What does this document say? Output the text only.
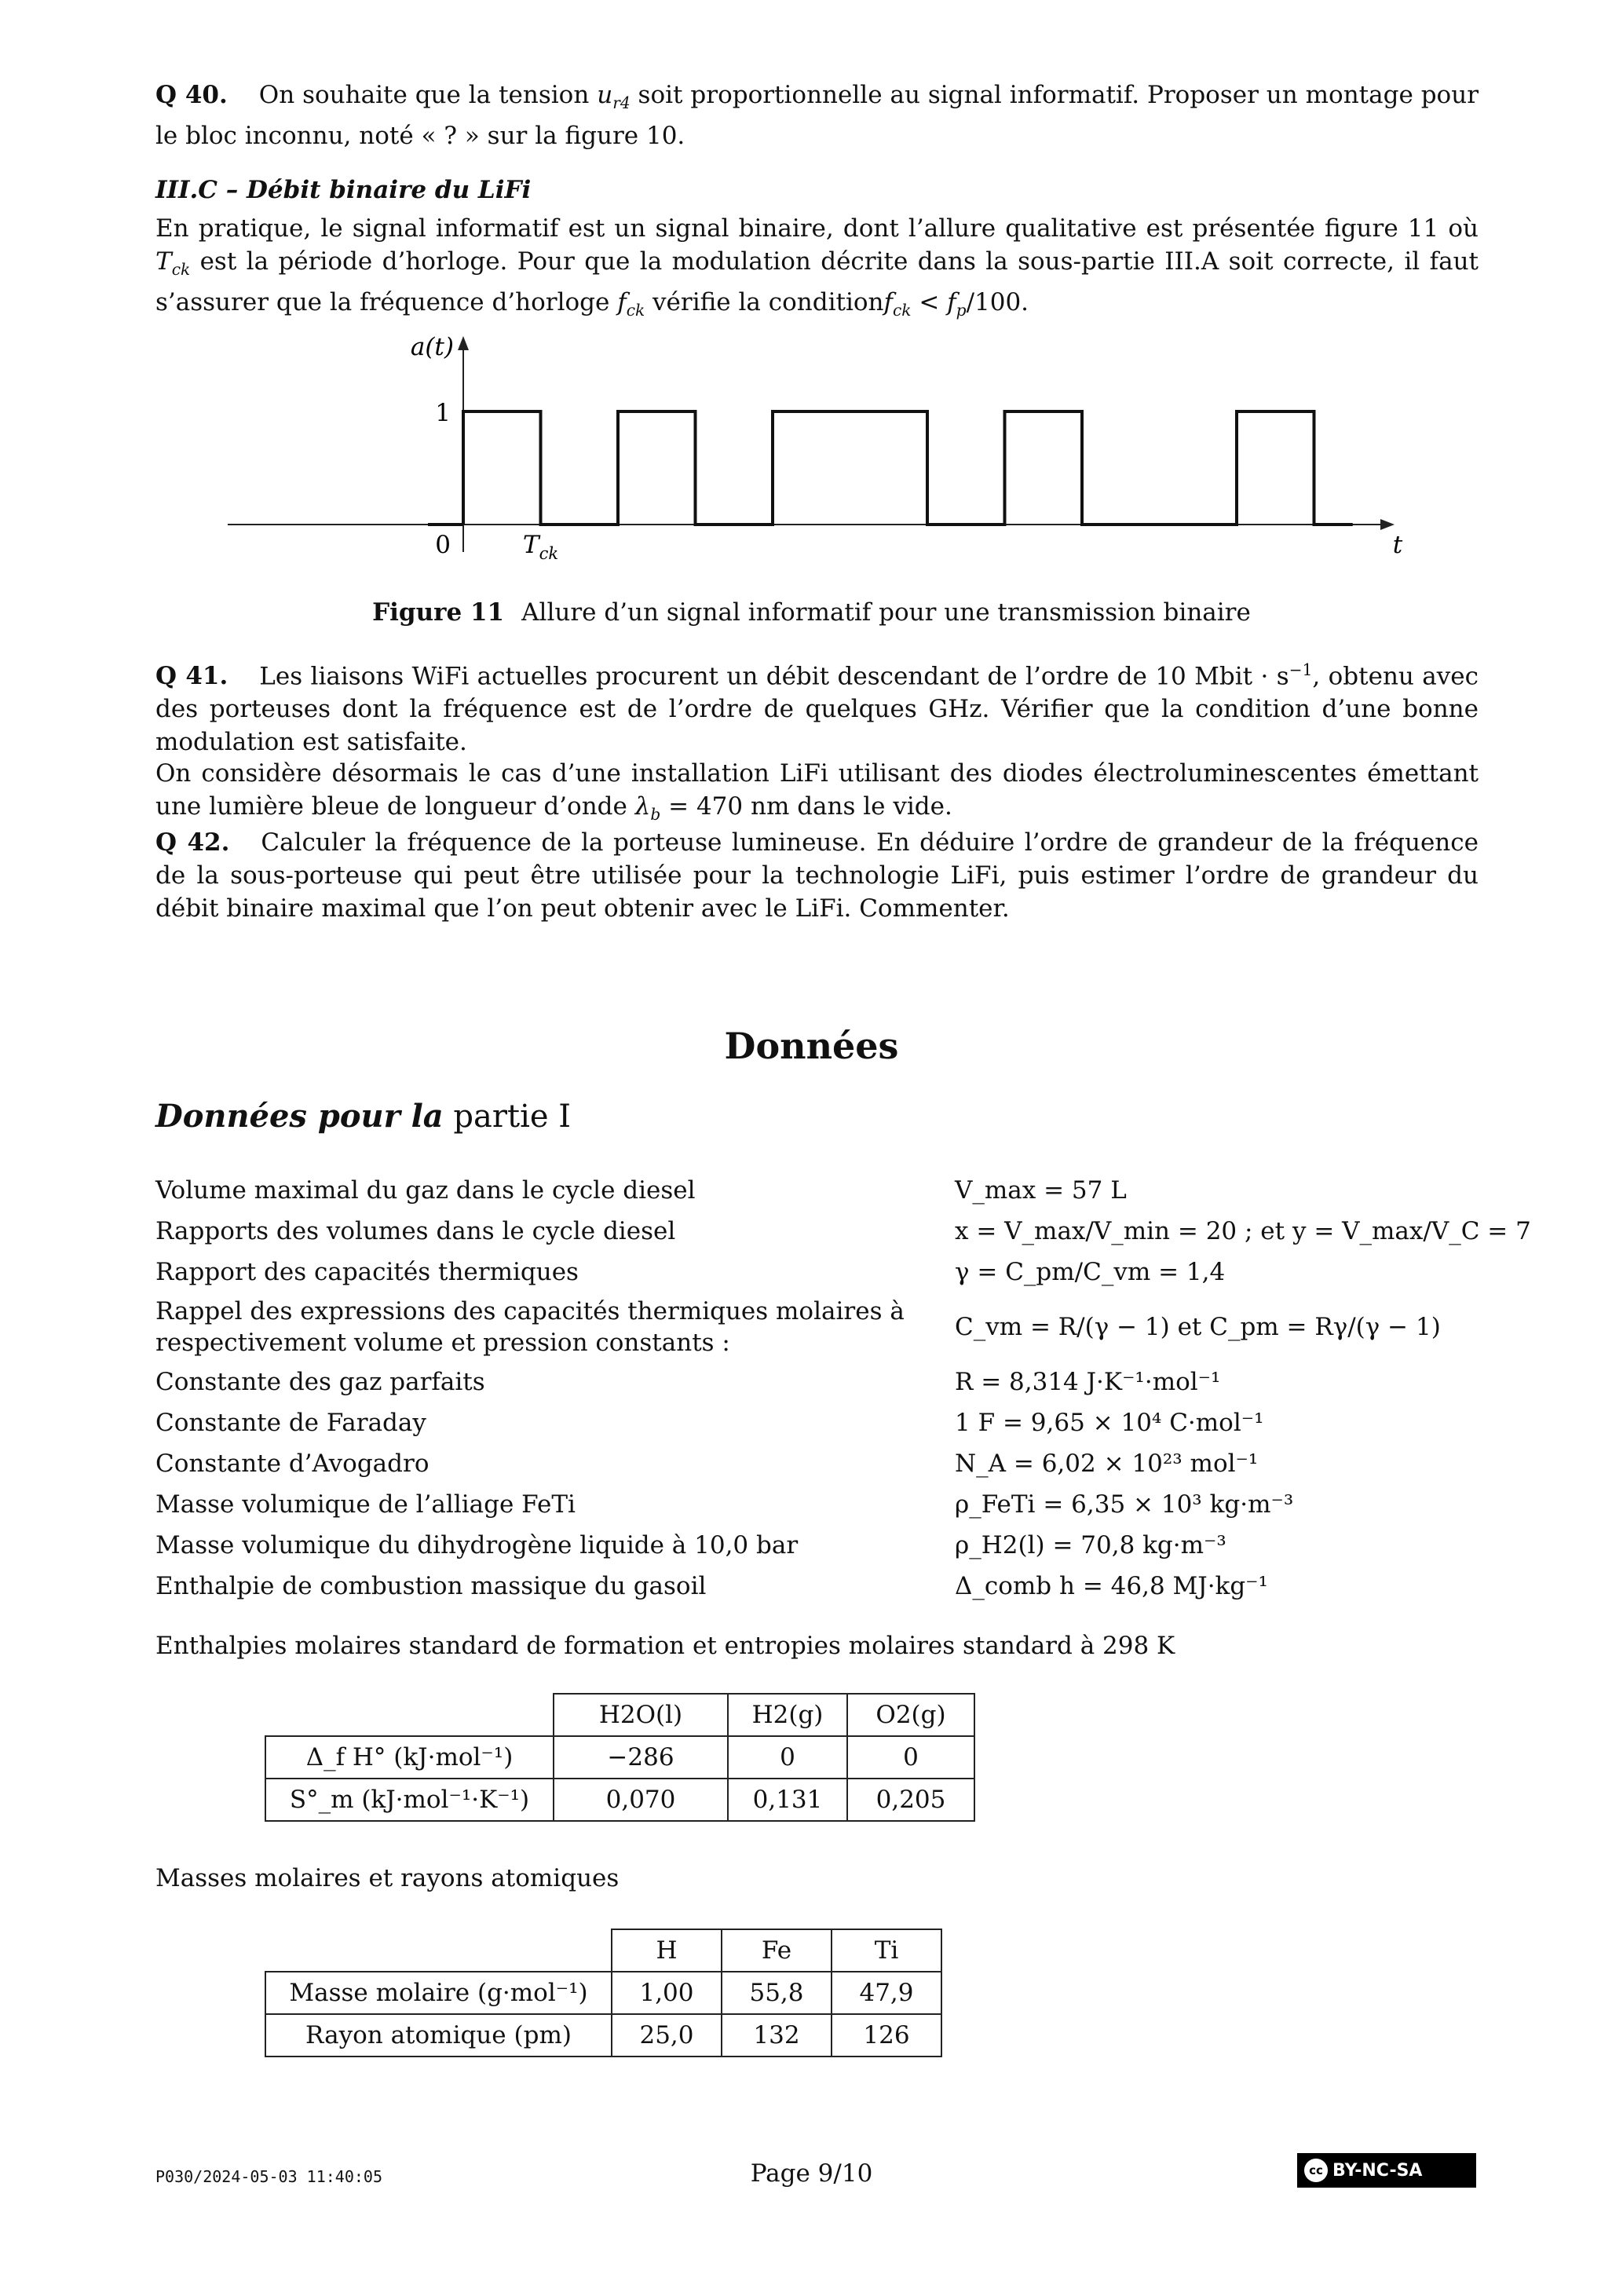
Q 40. On souhaite que la tension $u_{r4}$ soit proportionnelle au signal informatif. Proposer un montage pour le bloc inconnu, noté « ? » sur la figure 10.
III.C – Débit binaire du LiFi
En pratique, le signal informatif est un signal binaire, dont l’allure qualitative est présentée figure 11 où $T_{ck}$ est la période d’horloge. Pour que la modulation décrite dans la sous-partie III.A soit correcte, il faut s’assurer que la fréquence d’horloge $f_{ck}$ vérifie la conditionf$_{ck}$ < $f_p/100$.
a(t)
1
0	t
$T_{ck}$
Figure 11 Allure d’un signal informatif pour une transmission binaire
Q 41. Les liaisons WiFi actuelles procurent un débit descendant de l’ordre de 10 Mbit · $s^{-1}$, obtenu avec des porteuses dont la fréquence est de l’ordre de quelques GHz. Vérifier que la condition d’une bonne modulation est satisfaite.
On considère désormais le cas d’une installation LiFi utilisant des diodes électroluminescentes émettant une lumière bleue de longueur d’onde $\lambda_b = 470$ nm dans le vide.
Q 42. Calculer la fréquence de la porteuse lumineuse. En déduire l’ordre de grandeur de la fréquence de la sous-porteuse qui peut être utilisée pour la technologie LiFi, puis estimer l’ordre de grandeur du débit binaire maximal que l’on peut obtenir avec le LiFi. Commenter.
Données
Données pour la partie I
Volume maximal du gaz dans le cycle diesel	V_max = 57 L
Rapports des volumes dans le cycle diesel	x = V_max/V_min = 20 ; et y = V_max/V_C = 7
Rapport des capacités thermiques	γ = C_pm/C_vm = 1,4
Rappel des expressions des capacités thermiques molaires à respectivement volume et pression constants :	C_vm = R/(γ − 1) et C_pm = Rγ/(γ − 1)
Constante des gaz parfaits	R = 8,314 J·K⁻¹·mol⁻¹
Constante de Faraday	1 F = 9,65 × 10⁴ C·mol⁻¹
Constante d’Avogadro	N_A = 6,02 × 10²³ mol⁻¹
Masse volumique de l’alliage FeTi	ρ_FeTi = 6,35 × 10³ kg·m⁻³
Masse volumique du dihydrogène liquide à 10,0 bar	ρ_H2(l) = 70,8 kg·m⁻³
Enthalpie de combustion massique du gasoil	Δ_comb h = 46,8 MJ·kg⁻¹
Enthalpies molaires standard de formation et entropies molaires standard à 298 K
	H2O(l)	H2(g)	O2(g)
Δ_f H° (kJ·mol⁻¹)	−286	0	0
S°_m (kJ·mol⁻¹·K⁻¹)	0,070	0,131	0,205
Masses molaires et rayons atomiques
	H	Fe	Ti
Masse molaire (g·mol⁻¹)	1,00	55,8	47,9
Rayon atomique (pm)	25,0	132	126
P030/2024-05-03 11:40:05	Page 9/10	cc BY-NC-SA
